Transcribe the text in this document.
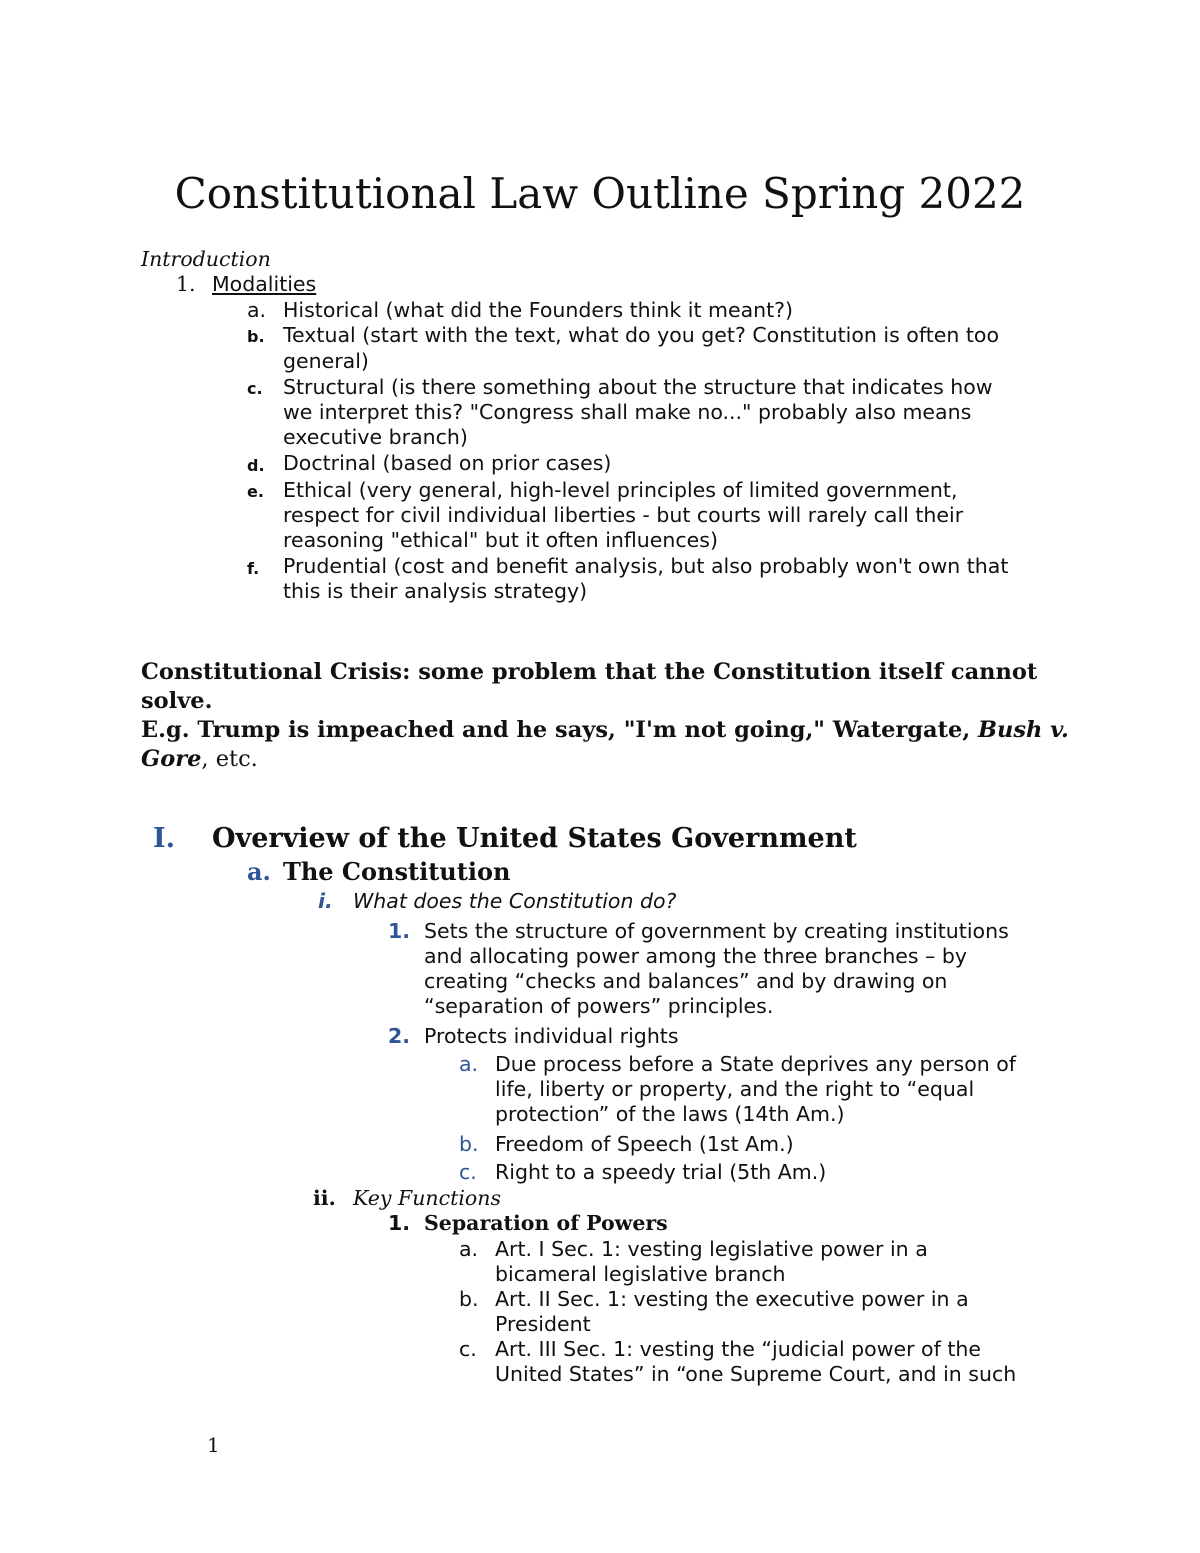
Constitutional Law Outline Spring 2022
Introduction
1. Modalities
a. Historical (what did the Founders think it meant?)
b. Textual (start with the text, what do you get? Constitution is often too
general)
c. Structural (is there something about the structure that indicates how
we interpret this? "Congress shall make no..." probably also means
executive branch)
d. Doctrinal (based on prior cases)
e. Ethical (very general, high-level principles of limited government,
respect for civil individual liberties - but courts will rarely call their
reasoning "ethical" but it often influences)
f. Prudential (cost and benefit analysis, but also probably won't own that
this is their analysis strategy)
Constitutional Crisis: some problem that the Constitution itself cannot solve.
E.g. Trump is impeached and he says, "I'm not going," Watergate, Bush v.
Gore, etc.
I. Overview of the United States Government
a. The Constitution
i. What does the Constitution do?
1. Sets the structure of government by creating institutions
and allocating power among the three branches – by
creating “checks and balances” and by drawing on
“separation of powers” principles.
2. Protects individual rights
a. Due process before a State deprives any person of
life, liberty or property, and the right to “equal
protection” of the laws (14th Am.)
b. Freedom of Speech (1st Am.)
c. Right to a speedy trial (5th Am.)
ii. Key Functions
1. Separation of Powers
a. Art. I Sec. 1: vesting legislative power in a
bicameral legislative branch
b. Art. II Sec. 1: vesting the executive power in a
President
c. Art. III Sec. 1: vesting the “judicial power of the
United States” in “one Supreme Court, and in such
1
